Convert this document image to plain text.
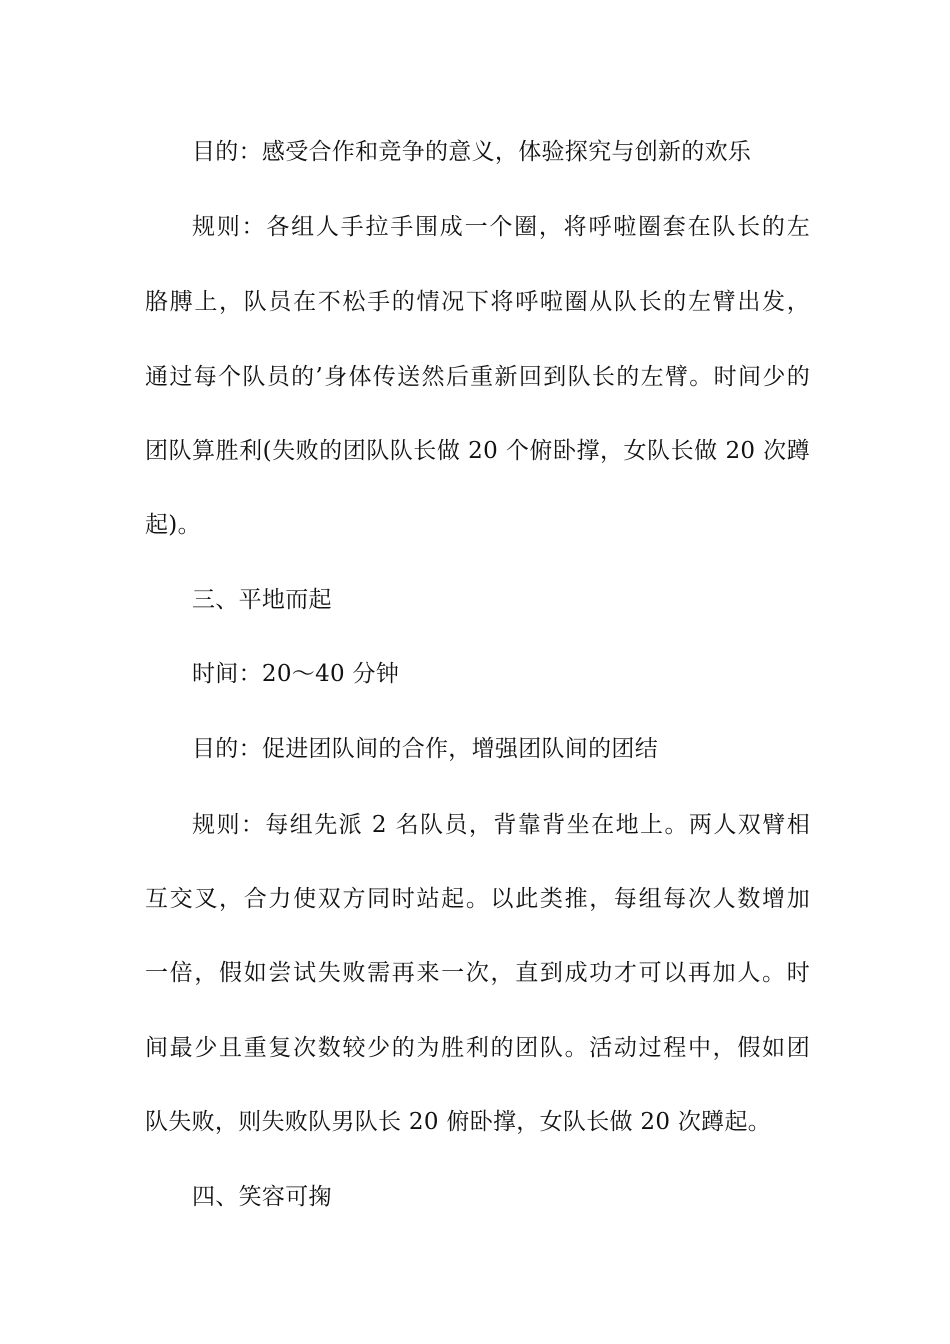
目的：感受合作和竞争的意义，体验探究与创新的欢乐
规则：各组人手拉手围成一个圈，将呼啦圈套在队长的左
胳膊上，队员在不松手的情况下将呼啦圈从队长的左臂出发，
通过每个队员的’身体传送然后重新回到队长的左臂。时间少的
团队算胜利(失败的团队队长做 20 个俯卧撑，女队长做 20 次蹲
起)。
三、平地而起
时间：20～40 分钟
目的：促进团队间的合作，增强团队间的团结
规则：每组先派 2 名队员，背靠背坐在地上。两人双臂相
互交叉，合力使双方同时站起。以此类推，每组每次人数增加
一倍，假如尝试失败需再来一次，直到成功才可以再加人。时
间最少且重复次数较少的为胜利的团队。活动过程中，假如团
队失败，则失败队男队长 20 俯卧撑，女队长做 20 次蹲起。
四、笑容可掬
